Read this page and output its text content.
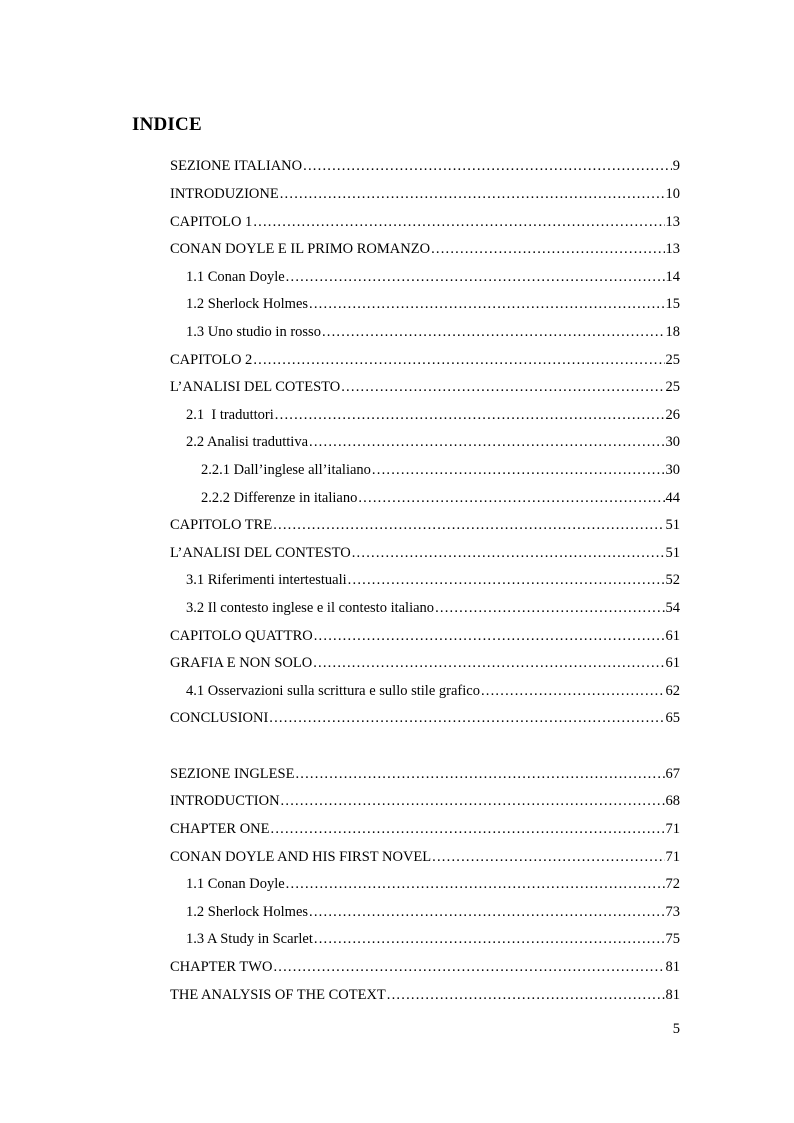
INDICE
SEZIONE ITALIANO .....	9
INTRODUZIONE .....	10
CAPITOLO 1 .....	13
CONAN DOYLE E IL PRIMO ROMANZO .....	13
1.1 Conan Doyle .....	14
1.2 Sherlock Holmes .....	15
1.3 Uno studio in rosso .....	18
CAPITOLO 2 .....	25
L’ANALISI DEL COTESTO .....	25
2.1  I traduttori .....	26
2.2 Analisi traduttiva .....	30
2.2.1 Dall’inglese all’italiano .....	30
2.2.2 Differenze in italiano .....	44
CAPITOLO TRE .....	51
L’ANALISI DEL CONTESTO .....	51
3.1 Riferimenti intertestuali .....	52
3.2 Il contesto inglese e il contesto italiano .....	54
CAPITOLO QUATTRO .....	61
GRAFIA E NON SOLO .....	61
4.1 Osservazioni sulla scrittura e sullo stile grafico .....	62
CONCLUSIONI .....	65
SEZIONE INGLESE .....	67
INTRODUCTION .....	68
CHAPTER ONE .....	71
CONAN DOYLE AND HIS FIRST NOVEL .....	71
1.1 Conan Doyle .....	72
1.2 Sherlock Holmes .....	73
1.3 A Study in Scarlet .....	75
CHAPTER TWO .....	81
THE ANALYSIS OF THE COTEXT .....	81
5
